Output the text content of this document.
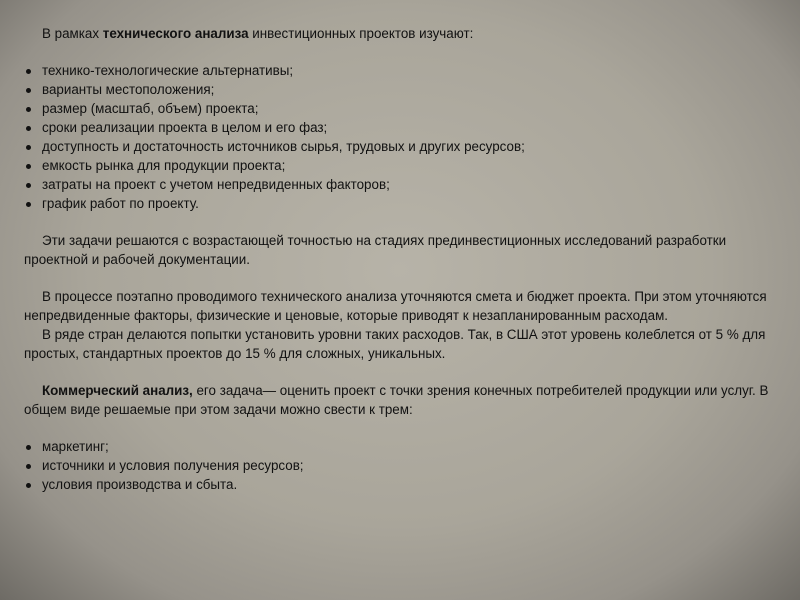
В рамках технического анализа инвестиционных проектов изучают:

технико-технологические альтернативы;
варианты местоположения;
размер (масштаб, объем) проекта;
сроки реализации проекта в целом и его фаз;
доступность и достаточность источников сырья, трудовых и других ресурсов;
емкость рынка для продукции проекта;
затраты на проект с учетом непредвиденных факторов;
график работ по проекту.

Эти задачи решаются с возрастающей точностью на стадиях прединвестиционных исследований разработки проектной и рабочей документации.

В процессе поэтапно проводимого технического анализа уточняются смета и бюджет проекта. При этом уточняются непредвиденные факторы, физические и ценовые, которые приводят к незапланированным расходам.

В ряде стран делаются попытки установить уровни таких расходов. Так, в США этот уровень колеблется от 5 % для простых, стандартных проектов до 15 % для сложных, уникальных.

Коммерческий анализ, его задача— оценить проект с точки зрения конечных потребителей продукции или услуг. В общем виде решаемые при этом задачи можно свести к трем:

маркетинг;
источники и условия получения ресурсов;
условия производства и сбыта.
